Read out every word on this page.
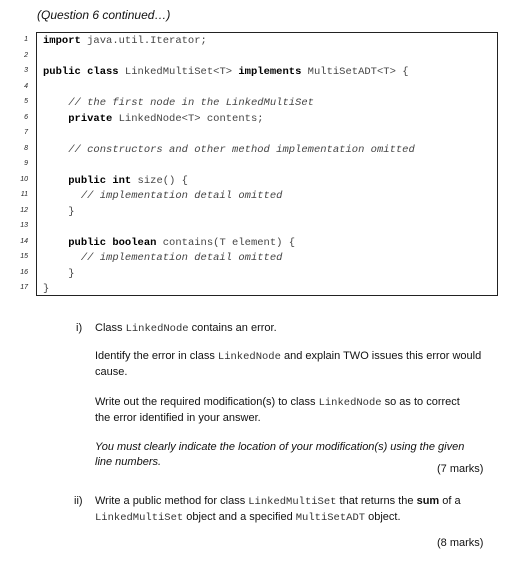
(Question 6 continued…)
1 import java.util.Iterator;
2
3 public class LinkedMultiSet<T> implements MultiSetADT<T> {
4
5	// the first node in the LinkedMultiSet
6	private LinkedNode<T> contents;
7
8	// constructors and other method implementation omitted
9
10	public int size() {
11	// implementation detail omitted
12	}
13
14	public boolean contains(T element) {
15	// implementation detail omitted
16	}
17 }
i) Class LinkedNode contains an error.
Identify the error in class LinkedNode and explain TWO issues this error would cause.
Write out the required modification(s) to class LinkedNode so as to correct the error identified in your answer.
You must clearly indicate the location of your modification(s) using the given line numbers.
(7 marks)
ii) Write a public method for class LinkedMultiSet that returns the sum of a LinkedMultiSet object and a specified MultiSetADT object.
(8 marks)
